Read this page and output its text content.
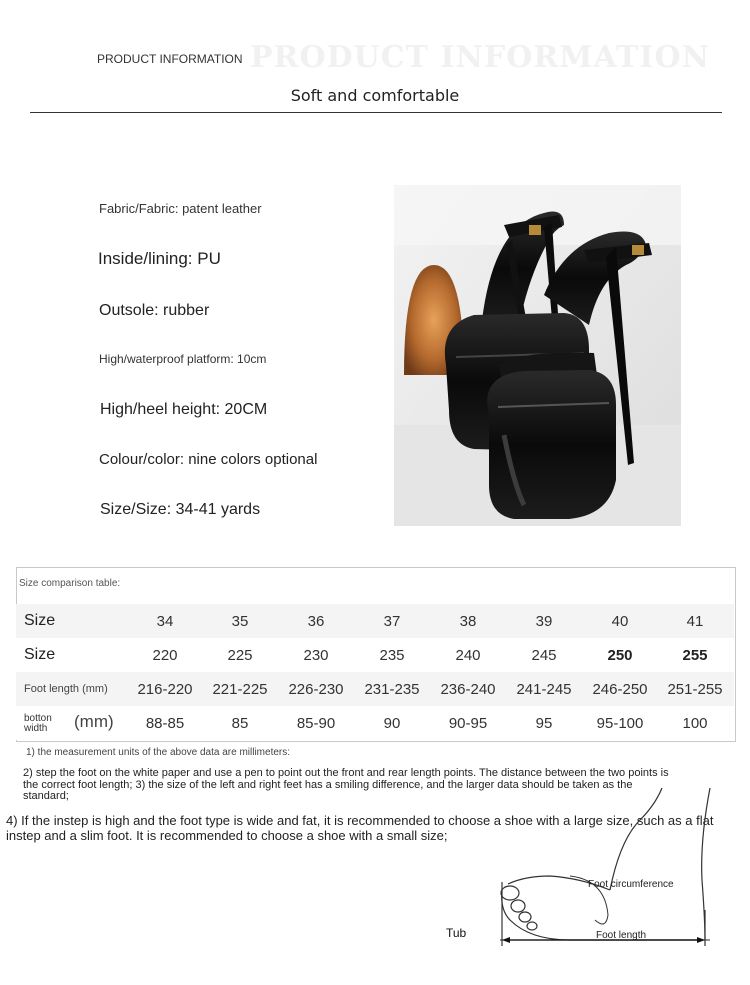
PRODUCT INFORMATION
PRODUCT INFORMATION
Soft and comfortable
Fabric/Fabric: patent leather
Inside/lining: PU
Outsole: rubber
High/waterproof platform: 10cm
High/heel height: 20CM
Colour/color: nine colors optional
Size/Size: 34-41 yards
Size comparison table:
Size	34	35	36	37	38	39	40	41
Size	220	225	230	235	240	245	250	255
Foot length (mm)	216-220	221-225	226-230	231-235	236-240	241-245	246-250	251-255
botton width	(mm)	88-85	85	85-90	90	90-95	95	95-100	100
1) the measurement units of the above data are millimeters:
2) step the foot on the white paper and use a pen to point out the front and rear length points. The distance between the two points is the correct foot length; 3) the size of the left and right feet has a smiling difference, and the larger data should be taken as the standard;
4) If the instep is high and the foot type is wide and fat, it is recommended to choose a shoe with a large size, such as a flat instep and a slim foot. It is recommended to choose a shoe with a small size;
Foot circumference
Foot length
Tub
